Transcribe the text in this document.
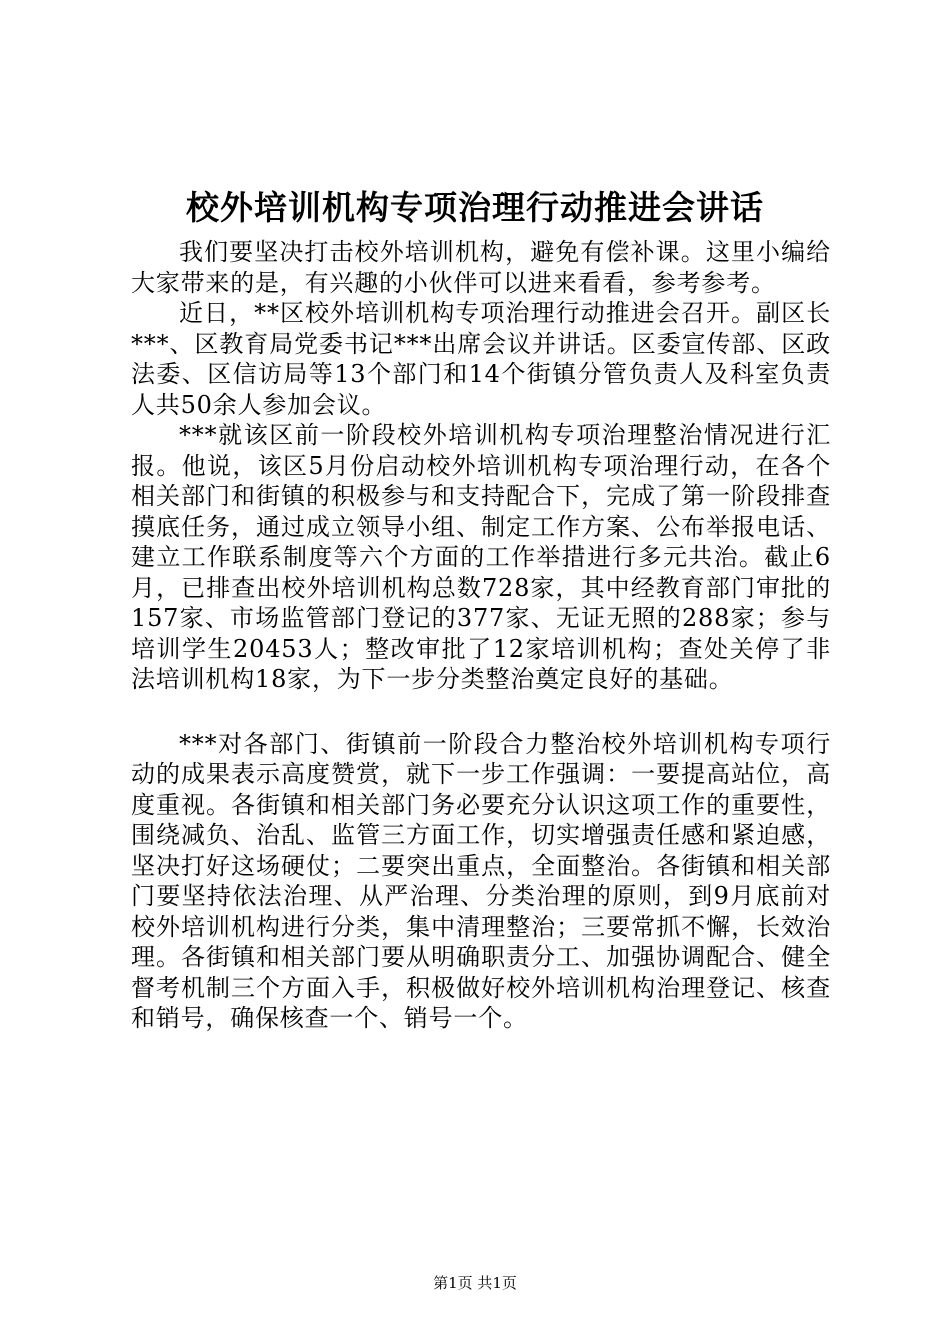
校外培训机构专项治理行动推进会讲话

我们要坚决打击校外培训机构，避免有偿补课。这里小编给大家带来的是，有兴趣的小伙伴可以进来看看，参考参考。

近日，**区校外培训机构专项治理行动推进会召开。副区长***、区教育局党委书记***出席会议并讲话。区委宣传部、区政法委、区信访局等13个部门和14个街镇分管负责人及科室负责人共50余人参加会议。

***就该区前一阶段校外培训机构专项治理整治情况进行汇报。他说，该区5月份启动校外培训机构专项治理行动，在各个相关部门和街镇的积极参与和支持配合下，完成了第一阶段排查摸底任务，通过成立领导小组、制定工作方案、公布举报电话、建立工作联系制度等六个方面的工作举措进行多元共治。截止6月，已排查出校外培训机构总数728家，其中经教育部门审批的157家、市场监管部门登记的377家、无证无照的288家；参与培训学生20453人；整改审批了12家培训机构；查处关停了非法培训机构18家，为下一步分类整治奠定良好的基础。

***对各部门、街镇前一阶段合力整治校外培训机构专项行动的成果表示高度赞赏，就下一步工作强调：一要提高站位，高度重视。各街镇和相关部门务必要充分认识这项工作的重要性，围绕减负、治乱、监管三方面工作，切实增强责任感和紧迫感，坚决打好这场硬仗；二要突出重点，全面整治。各街镇和相关部门要坚持依法治理、从严治理、分类治理的原则，到9月底前对校外培训机构进行分类，集中清理整治；三要常抓不懈，长效治理。各街镇和相关部门要从明确职责分工、加强协调配合、健全督考机制三个方面入手，积极做好校外培训机构治理登记、核查和销号，确保核查一个、销号一个。

第1页 共1页
